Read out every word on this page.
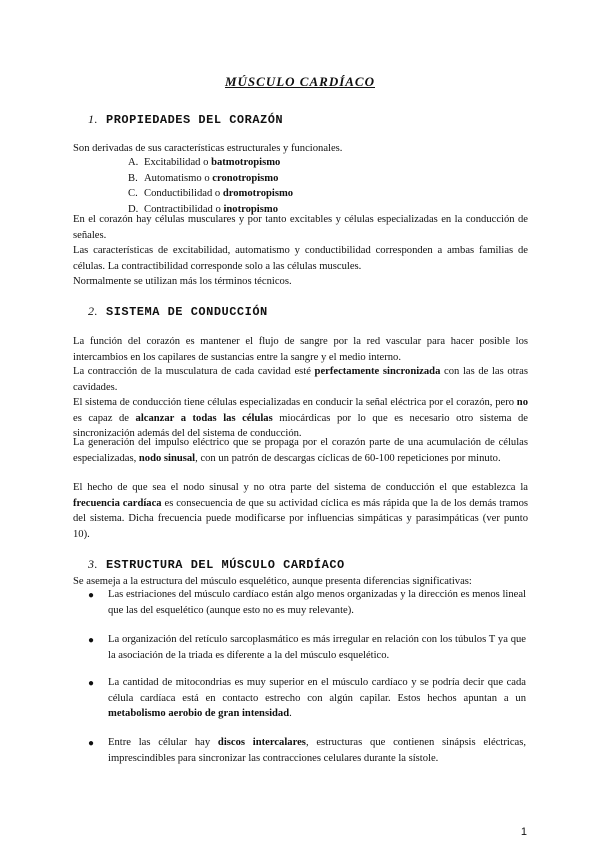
MÚSCULO CARDÍACO
1. PROPIEDADES DEL CORAZÓN
Son derivadas de sus características estructurales y funcionales.
A. Excitabilidad o batmotropismo
B. Automatismo o cronotropismo
C. Conductibilidad o dromotropismo
D. Contractibilidad o inotropismo
En el corazón hay células musculares y por tanto excitables y células especializadas en la conducción de señales.
Las características de excitabilidad, automatismo y conductibilidad corresponden a ambas familias de células. La contractibilidad corresponde solo a las células muscules.
Normalmente se utilizan más los términos técnicos.
2. SISTEMA DE CONDUCCIÓN
La función del corazón es mantener el flujo de sangre por la red vascular para hacer posible los intercambios en los capilares de sustancias entre la sangre y el medio interno.
La contracción de la musculatura de cada cavidad esté perfectamente sincronizada con las de las otras cavidades.
El sistema de conducción tiene células especializadas en conducir la señal eléctrica por el corazón, pero no es capaz de alcanzar a todas las células miocárdicas por lo que es necesario otro sistema de sincronización además del del sistema de conducción.
La generación del impulso eléctrico que se propaga por el corazón parte de una acumulación de células especializadas, nodo sinusal, con un patrón de descargas cíclicas de 60-100 repeticiones por minuto.
El hecho de que sea el nodo sinusal y no otra parte del sistema de conducción el que establezca la frecuencia cardíaca es consecuencia de que su actividad cíclica es más rápida que la de los demás tramos del sistema. Dicha frecuencia puede modificarse por influencias simpáticas y parasimpáticas (ver punto 10).
3. ESTRUCTURA DEL MÚSCULO CARDÍACO
Se asemeja a la estructura del músculo esquelético, aunque presenta diferencias significativas:
● Las estriaciones del músculo cardíaco están algo menos organizadas y la dirección es menos lineal que las del esquelético (aunque esto no es muy relevante).
● La organización del retículo sarcoplasmático es más irregular en relación con los túbulos T ya que la asociación de la triada es diferente a la del músculo esquelético.
● La cantidad de mitocondrias es muy superior en el músculo cardíaco y se podría decir que cada célula cardíaca está en contacto estrecho con algún capilar. Estos hechos apuntan a un metabolismo aerobio de gran intensidad.
● Entre las célular hay discos intercalares, estructuras que contienen sinápsis eléctricas, imprescindibles para sincronizar las contracciones celulares durante la sístole.
1
